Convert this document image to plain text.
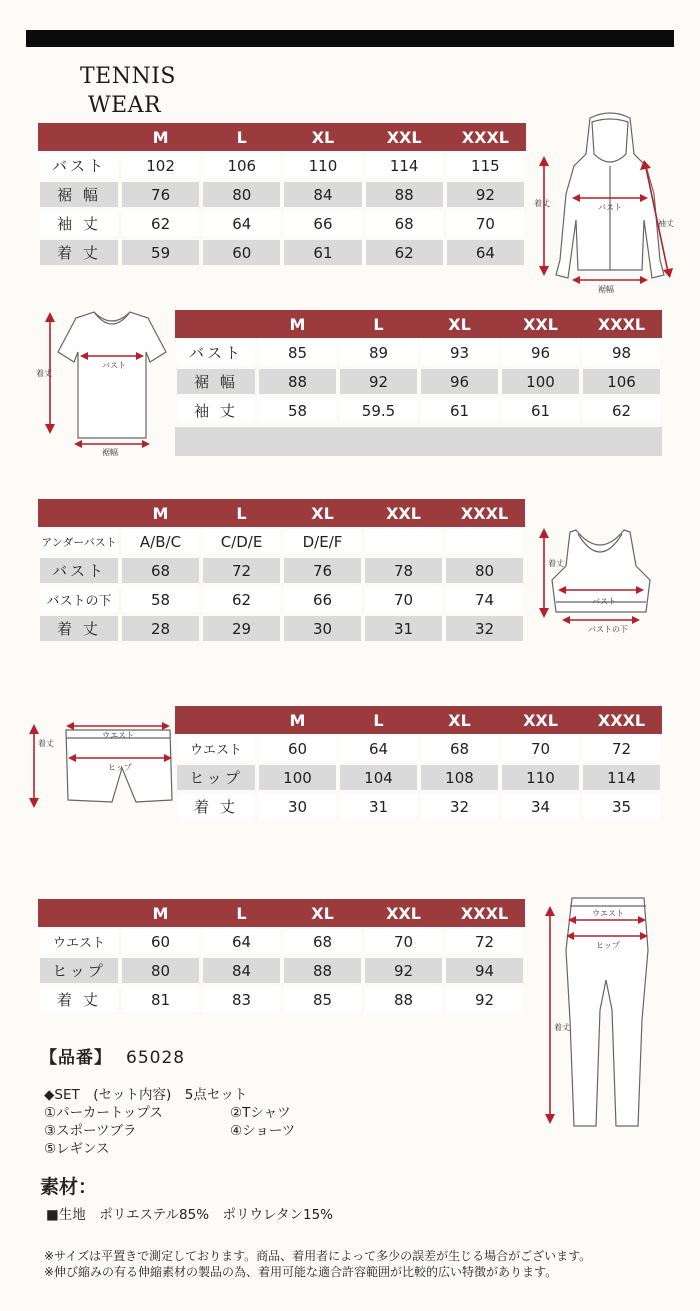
TENNIS
WEAR
	M	L	XL	XXL	XXXL
バスト	102	106	110	114	115
裾 幅	76	80	84	88	92
袖 丈	62	64	66	68	70
着 丈	59	60	61	62	64
着丈	バスト
袖丈
裾幅
	M	L	XL	XXL	XXXL
バスト	85	89	93	96	98
裾 幅	88	92	96	100	106
袖 丈	58	59.5	61	61	62
着丈
バスト
裾幅
	M	L	XL	XXL	XXXL
アンダーバスト	A/B/C	C/D/E	D/E/F		
バスト	68	72	76	78	80
バストの下	58	62	66	70	74
着 丈	28	29	30	31	32
着丈
バスト
バストの下
	M	L	XL	XXL	XXXL
ウエスト	60	64	68	70	72
ヒップ	100	104	108	110	114
着 丈	30	31	32	34	35
着丈
ウエスト
ヒップ
	M	L	XL	XXL	XXXL
ウエスト	60	64	68	70	72
ヒップ	80	84	88	92	94
着 丈	81	83	85	88	92
着丈
ウエスト
ヒップ
【品番】 65028
◆SET　(セット内容)　5点セット
①パーカートップス	②Tシャツ
③スポーツブラ	④ショーツ
⑤レギンス
素材：
■生地　ポリエステル85%　ポリウレタン15%
※サイズは平置きで測定しております。商品、着用者によって多少の誤差が生じる場合がございます。
※伸び縮みの有る伸縮素材の製品の為、着用可能な適合許容範囲が比較的広い特徴があります。
